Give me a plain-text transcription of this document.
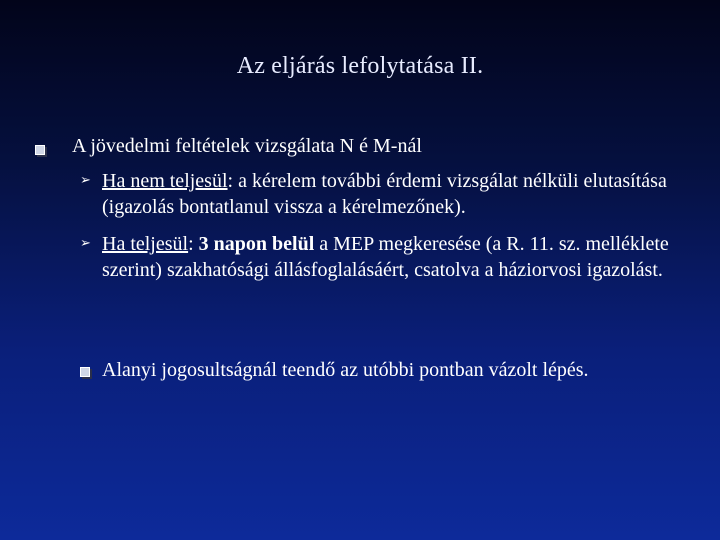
Az eljárás lefolytatása II.
A jövedelmi feltételek vizsgálata N é M-nál
➢ Ha nem teljesül: a kérelem további érdemi vizsgálat nélküli elutasítása (igazolás bontatlanul vissza a kérelmezőnek).
➢ Ha teljesül: 3 napon belül a MEP megkeresése (a R. 11. sz. melléklete szerint) szakhatósági állásfoglalásáért, csatolva a háziorvosi igazolást.
Alanyi jogosultságnál teendő az utóbbi pontban vázolt lépés.
